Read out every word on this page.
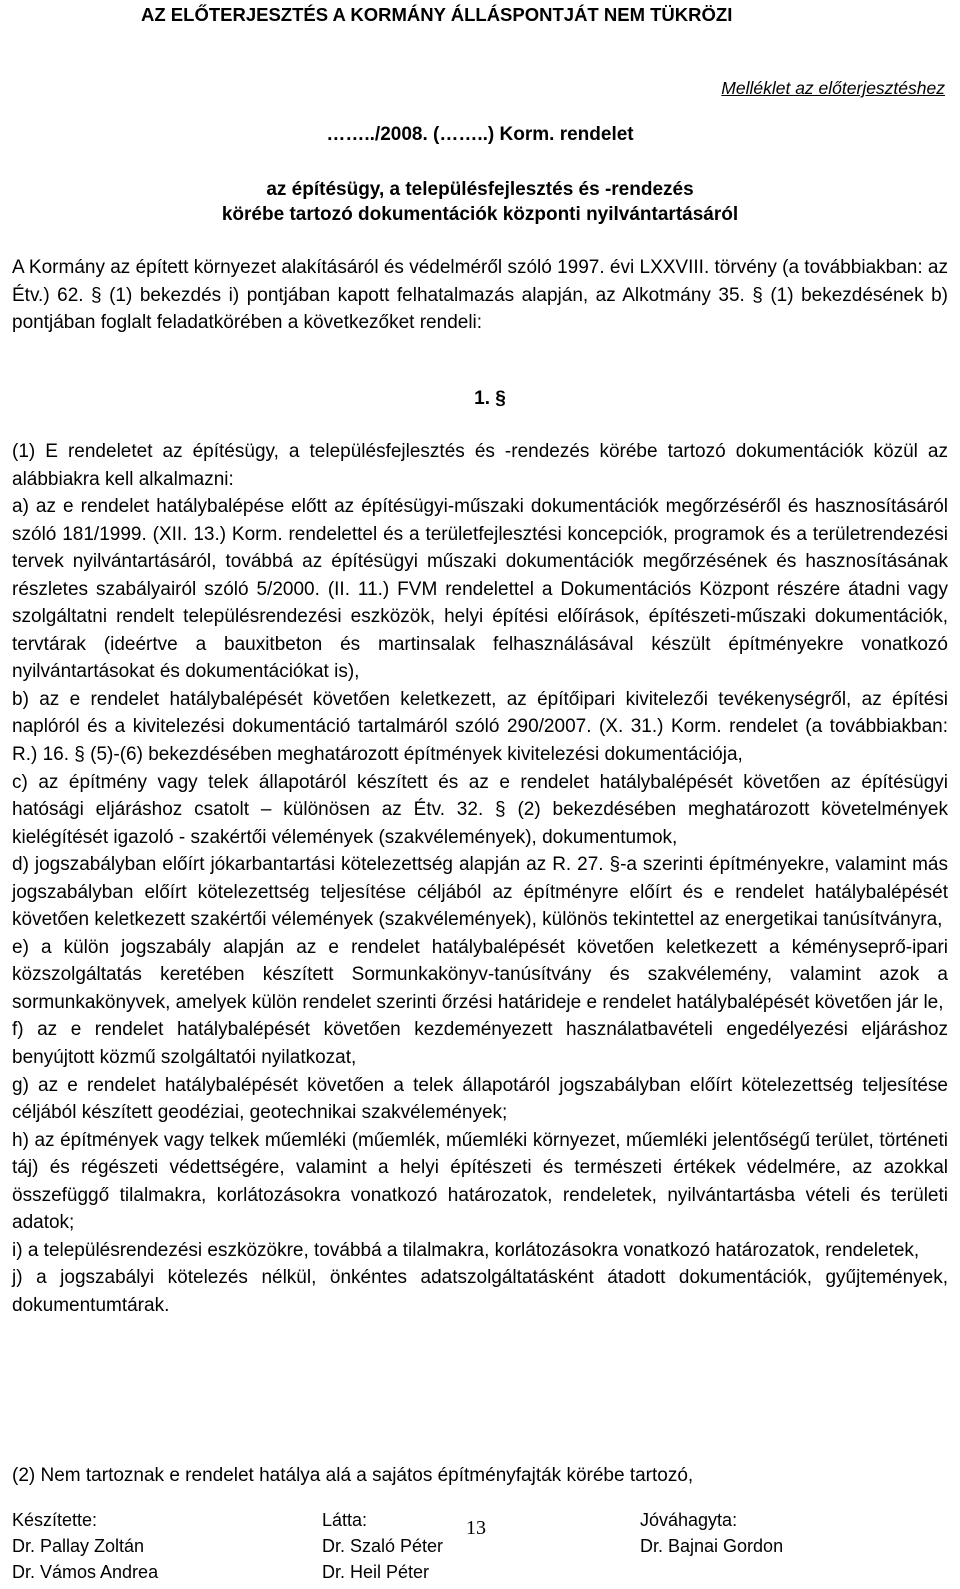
AZ ELŐTERJESZTÉS A KORMÁNY ÁLLÁSPONTJÁT NEM TÜKRÖZI
Melléklet az előterjesztéshez
……../2008. (……..) Korm. rendelet
az építésügy, a településfejlesztés és -rendezés
körébe tartozó dokumentációk központi nyilvántartásáról
A Kormány az épített környezet alakításáról és védelméről szóló 1997. évi LXXVIII. törvény (a továbbiakban: az Étv.) 62. § (1) bekezdés i) pontjában kapott felhatalmazás alapján, az Alkotmány 35. § (1) bekezdésének b) pontjában foglalt feladatkörében a következőket rendeli:
1. §

(1) E rendeletet az építésügy, a településfejlesztés és -rendezés körébe tartozó dokumentációk közül az alábbiakra kell alkalmazni:

a) az e rendelet hatálybalépése előtt az építésügyi-műszaki dokumentációk megőrzéséről és hasznosításáról szóló 181/1999. (XII. 13.) Korm. rendelettel és a területfejlesztési koncepciók, programok és a területrendezési tervek nyilvántartásáról, továbbá az építésügyi műszaki dokumentációk megőrzésének és hasznosításának részletes szabályairól szóló 5/2000. (II. 11.) FVM rendelettel a Dokumentációs Központ részére átadni vagy szolgáltatni rendelt településrendezési eszközök, helyi építési előírások, építészeti-műszaki dokumentációk, tervtárak (ideértve a bauxitbeton és martinsalak felhasználásával készült építményekre vonatkozó nyilvántartásokat és dokumentációkat is),

b) az e rendelet hatálybalépését követően keletkezett, az építőipari kivitelezői tevékenységről, az építési naplóról és a kivitelezési dokumentáció tartalmáról szóló 290/2007. (X. 31.) Korm. rendelet (a továbbiakban: R.) 16. § (5)-(6) bekezdésében meghatározott építmények kivitelezési dokumentációja,

c) az építmény vagy telek állapotáról készített és az e rendelet hatálybalépését követően az építésügyi hatósági eljáráshoz csatolt – különösen az Étv. 32. § (2) bekezdésében meghatározott követelmények kielégítését igazoló - szakértői vélemények (szakvélemények), dokumentumok,

d) jogszabályban előírt jókarbantartási kötelezettség alapján az R. 27. §-a szerinti építményekre, valamint más jogszabályban előírt kötelezettség teljesítése céljából az építményre előírt és e rendelet hatálybalépését követően keletkezett szakértői vélemények (szakvélemények), különös tekintettel az energetikai tanúsítványra,

e) a külön jogszabály alapján az e rendelet hatálybalépését követően keletkezett a kéményseprő-ipari közszolgáltatás keretében készített Sormunkakönyv-tanúsítvány és szakvélemény, valamint azok a sormunkakönyvek, amelyek külön rendelet szerinti őrzési határideje e rendelet hatálybalépését követően jár le,

f) az e rendelet hatálybalépését követően kezdeményezett használatbavételi engedélyezési eljáráshoz benyújtott közmű szolgáltatói nyilatkozat,

g) az e rendelet hatálybalépését követően a telek állapotáról jogszabályban előírt kötelezettség teljesítése céljából készített geodéziai, geotechnikai szakvélemények;

h) az építmények vagy telkek műemléki (műemlék, műemléki környezet, műemléki jelentőségű terület, történeti táj) és régészeti védettségére, valamint a helyi építészeti és természeti értékek védelmére, az azokkal összefüggő tilalmakra, korlátozásokra vonatkozó határozatok, rendeletek, nyilvántartásba vételi és területi adatok;

i) a településrendezési eszközökre, továbbá a tilalmakra, korlátozásokra vonatkozó határozatok, rendeletek,

j) a jogszabályi kötelezés nélkül, önkéntes adatszolgáltatásként átadott dokumentációk, gyűjtemények, dokumentumtárak.

(2) Nem tartoznak e rendelet hatálya alá a sajátos építményfajták körébe tartozó,
Készítette:
Dr. Pallay Zoltán
Dr. Vámos Andrea
Látta:
Dr. Szaló Péter
Dr. Heil Péter
13	Jóváhagyta:
Dr. Bajnai Gordon
